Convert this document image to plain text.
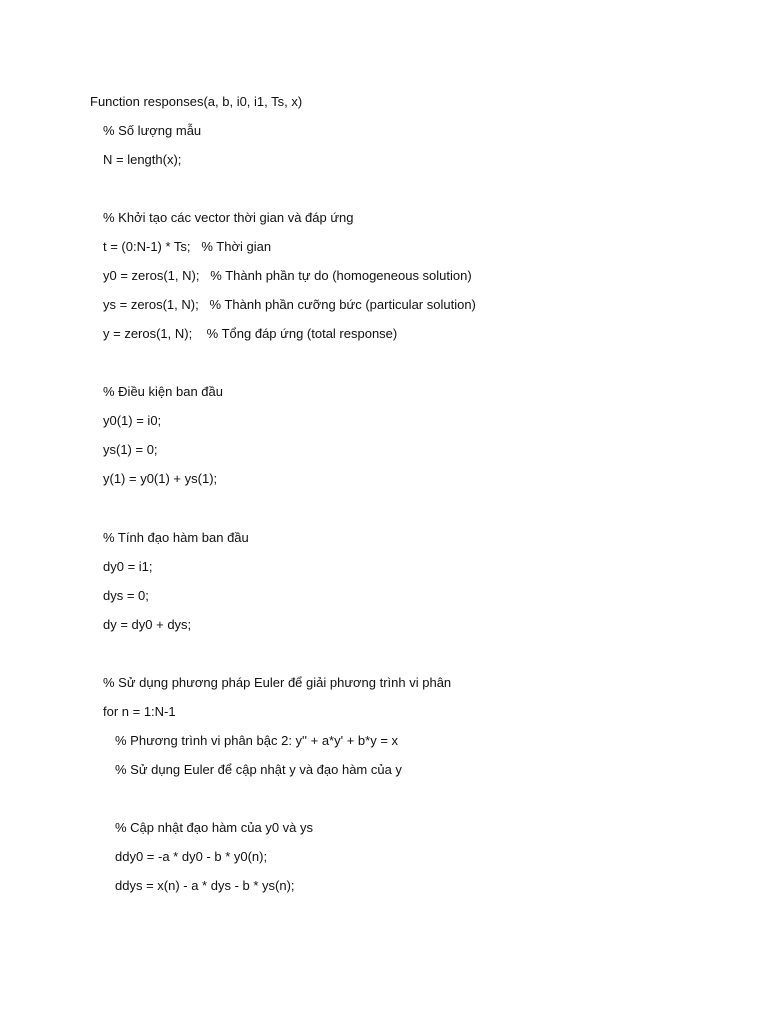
Function responses(a, b, i0, i1, Ts, x)
% Số lượng mẫu
N = length(x);
% Khởi tạo các vector thời gian và đáp ứng
t = (0:N-1) * Ts;   % Thời gian
y0 = zeros(1, N);   % Thành phần tự do (homogeneous solution)
ys = zeros(1, N);   % Thành phần cưỡng bức (particular solution)
y = zeros(1, N);    % Tổng đáp ứng (total response)
% Điều kiện ban đầu
y0(1) = i0;
ys(1) = 0;
y(1) = y0(1) + ys(1);
% Tính đạo hàm ban đầu
dy0 = i1;
dys = 0;
dy = dy0 + dys;
% Sử dụng phương pháp Euler để giải phương trình vi phân
for n = 1:N-1
% Phương trình vi phân bậc 2: y'' + a*y' + b*y = x
% Sử dụng Euler để cập nhật y và đạo hàm của y
% Cập nhật đạo hàm của y0 và ys
ddy0 = -a * dy0 - b * y0(n);
ddys = x(n) - a * dys - b * ys(n);
